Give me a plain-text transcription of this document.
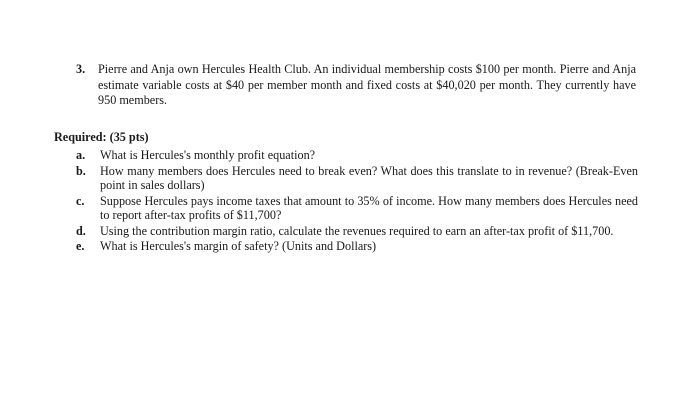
3. Pierre and Anja own Hercules Health Club. An individual membership costs $100 per month. Pierre and Anja estimate variable costs at $40 per member month and fixed costs at $40,020 per month. They currently have 950 members.
Required: (35 pts)
a. What is Hercules's monthly profit equation?
b. How many members does Hercules need to break even? What does this translate to in revenue? (Break-Even point in sales dollars)
c. Suppose Hercules pays income taxes that amount to 35% of income. How many members does Hercules need to report after-tax profits of $11,700?
d. Using the contribution margin ratio, calculate the revenues required to earn an after-tax profit of $11,700.
e. What is Hercules's margin of safety? (Units and Dollars)
